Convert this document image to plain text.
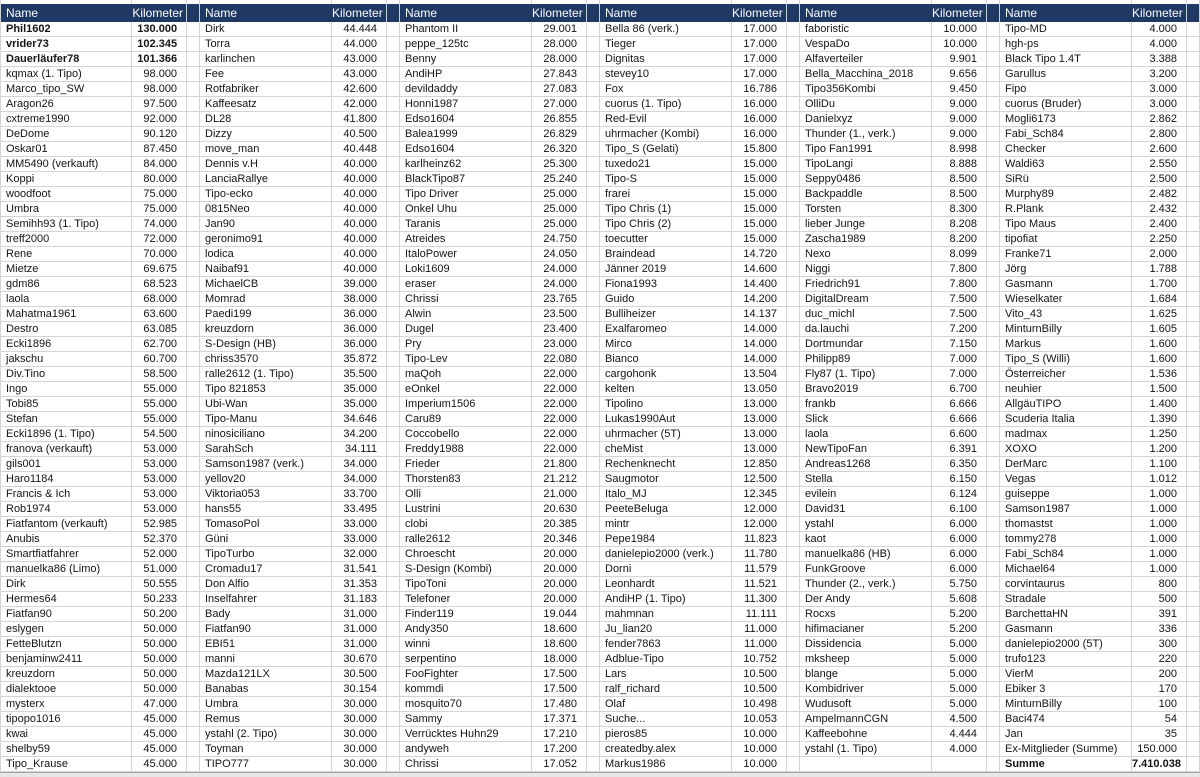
Name	Kilometer
Phil1602	130.000
vrider73	102.345
Dauerläufer78	101.366
kqmax (1. Tipo)	98.000
Marco_tipo_SW	98.000
Aragon26	97.500
cxtreme1990	92.000
DeDome	90.120
Oskar01	87.450
MM5490 (verkauft)	84.000
Koppi	80.000
woodfoot	75.000
Umbra	75.000
Semihh93 (1. Tipo)	74.000
treff2000	72.000
Rene	70.000
Mietze	69.675
gdm86	68.523
laola	68.000
Mahatma1961	63.600
Destro	63.085
Ecki1896	62.700
jakschu	60.700
Div.Tino	58.500
Ingo	55.000
Tobi85	55.000
Stefan	55.000
Ecki1896 (1. Tipo)	54.500
franova (verkauft)	53.000
gils001	53.000
Haro1184	53.000
Francis & Ich	53.000
Rob1974	53.000
Fiatfantom (verkauft)	52.985
Anubis	52.370
Smartfiatfahrer	52.000
manuelka86 (Limo)	51.000
Dirk	50.555
Hermes64	50.233
Fiatfan90	50.200
eslygen	50.000
FetteBlutzn	50.000
benjaminw2411	50.000
kreuzdorn	50.000
dialektooe	50.000
mysterx	47.000
tipopo1016	45.000
kwai	45.000
shelby59	45.000
Tipo_Krause	45.000
Name	Kilometer
Dirk	44.444
Torra	44.000
karlinchen	43.000
Fee	43.000
Rotfabriker	42.600
Kaffeesatz	42.000
DL28	41.800
Dizzy	40.500
move_man	40.448
Dennis v.H	40.000
LanciaRallye	40.000
Tipo-ecko	40.000
0815Neo	40.000
Jan90	40.000
geronimo91	40.000
lodica	40.000
Naibaf91	40.000
MichaelCB	39.000
Momrad	38.000
Paedi199	36.000
kreuzdorn	36.000
S-Design (HB)	36.000
chriss3570	35.872
ralle2612 (1. Tipo)	35.500
Tipo 821853	35.000
Ubi-Wan	35.000
Tipo-Manu	34.646
ninosiciliano	34.200
SarahSch	34.111
Samson1987 (verk.)	34.000
yellov20	34.000
Viktoria053	33.700
hans55	33.495
TomasoPol	33.000
Güni	33.000
TipoTurbo	32.000
Cromadu17	31.541
Don Alfio	31.353
Inselfahrer	31.183
Bady	31.000
Fiatfan90	31.000
EBI51	31.000
manni	30.670
Mazda121LX	30.500
Banabas	30.154
Umbra	30.000
Remus	30.000
ystahl (2. Tipo)	30.000
Toyman	30.000
TIPO777	30.000
Name	Kilometer
Phantom II	29.001
peppe_125tc	28.000
Benny	28.000
AndiHP	27.843
devildaddy	27.083
Honni1987	27.000
Edso1604	26.855
Balea1999	26.829
Edso1604	26.320
karlheinz62	25.300
BlackTipo87	25.240
Tipo Driver	25.000
Onkel Uhu	25.000
Taranis	25.000
Atreides	24.750
ItaloPower	24.050
Loki1609	24.000
eraser	24.000
Chrissi	23.765
Alwin	23.500
Dugel	23.400
Pry	23.000
Tipo-Lev	22.080
maQoh	22.000
eOnkel	22.000
Imperium1506	22.000
Caru89	22.000
Coccobello	22.000
Freddy1988	22.000
Frieder	21.800
Thorsten83	21.212
Olli	21.000
Lustrini	20.630
clobi	20.385
ralle2612	20.346
Chroescht	20.000
S-Design (Kombi)	20.000
TipoToni	20.000
Telefoner	20.000
Finder119	19.044
Andy350	18.600
winni	18.600
serpentino	18.000
FooFighter	17.500
kommdi	17.500
mosquito70	17.480
Sammy	17.371
Verrücktes Huhn29	17.210
andyweh	17.200
Chrissi	17.052
Name	Kilometer
Bella 86 (verk.)	17.000
Tieger	17.000
Dignitas	17.000
stevey10	17.000
Fox	16.786
cuorus (1. Tipo)	16.000
Red-Evil	16.000
uhrmacher (Kombi)	16.000
Tipo_S (Gelati)	15.800
tuxedo21	15.000
Tipo-S	15.000
frarei	15.000
Tipo Chris (1)	15.000
Tipo Chris (2)	15.000
toecutter	15.000
Braindead	14.720
Jänner 2019	14.600
Fiona1993	14.400
Guido	14.200
Bulliheizer	14.137
Exalfaromeo	14.000
Mirco	14.000
Bianco	14.000
cargohonk	13.504
kelten	13.050
Tipolino	13.000
Lukas1990Aut	13.000
uhrmacher (5T)	13.000
cheMist	13.000
Rechenknecht	12.850
Saugmotor	12.500
Italo_MJ	12.345
PeeteBeluga	12.000
mintr	12.000
Pepe1984	11.823
danielepio2000 (verk.)	11.780
Dorni	11.579
Leonhardt	11.521
AndiHP (1. Tipo)	11.300
mahmnan	11.111
Ju_lian20	11.000
fender7863	11.000
Adblue-Tipo	10.752
Lars	10.500
ralf_richard	10.500
Olaf	10.498
Suche...	10.053
pieros85	10.000
createdby.alex	10.000
Markus1986	10.000
Name	Kilometer
faboristic	10.000
VespaDo	10.000
Alfaverteiler	9.901
Bella_Macchina_2018	9.656
Tipo356Kombi	9.450
OlliDu	9.000
Danielxyz	9.000
Thunder (1., verk.)	9.000
Tipo Fan1991	8.998
TipoLangi	8.888
Seppy0486	8.500
Backpaddle	8.500
Torsten	8.300
lieber Junge	8.208
Zascha1989	8.200
Nexo	8.099
Niggi	7.800
Friedrich91	7.800
DigitalDream	7.500
duc_michl	7.500
da.lauchi	7.200
Dortmundar	7.150
Philipp89	7.000
Fly87 (1. Tipo)	7.000
Bravo2019	6.700
frankb	6.666
Slick	6.666
laola	6.600
NewTipoFan	6.391
Andreas1268	6.350
Stella	6.150
evilein	6.124
David31	6.100
ystahl	6.000
kaot	6.000
manuelka86 (HB)	6.000
FunkGroove	6.000
Thunder (2., verk.)	5.750
Der Andy	5.608
Rocxs	5.200
hifimacianer	5.200
Dissidencia	5.000
mksheep	5.000
blange	5.000
Kombidriver	5.000
Wudusoft	5.000
AmpelmannCGN	4.500
Kaffeebohne	4.444
ystahl (1. Tipo)	4.000
Name	Kilometer
Tipo-MD	4.000
hgh-ps	4.000
Black Tipo 1.4T	3.388
Garullus	3.200
Fipo	3.000
cuorus (Bruder)	3.000
Mogli6173	2.862
Fabi_Sch84	2.800
Checker	2.600
Waldi63	2.550
SiRü	2.500
Murphy89	2.482
R.Plank	2.432
Tipo Maus	2.400
tipofiat	2.250
Franke71	2.000
Jörg	1.788
Gasmann	1.700
Wieselkater	1.684
Vito_43	1.625
MinturnBilly	1.605
Markus	1.600
Tipo_S (Willi)	1.600
Österreicher	1.536
neuhier	1.500
AllgäuTIPO	1.400
Scuderia Italia	1.390
madmax	1.250
XOXO	1.200
DerMarc	1.100
Vegas	1.012
guiseppe	1.000
Samson1987	1.000
thomastst	1.000
tommy278	1.000
Fabi_Sch84	1.000
Michael64	1.000
corvintaurus	800
Stradale	500
BarchettaHN	391
Gasmann	336
danielepio2000 (5T)	300
trufo123	220
VierM	200
Ebiker 3	170
MinturnBilly	100
Baci474	54
Jan	35
Ex-Mitglieder (Summe)	150.000
Summe	7.410.038
